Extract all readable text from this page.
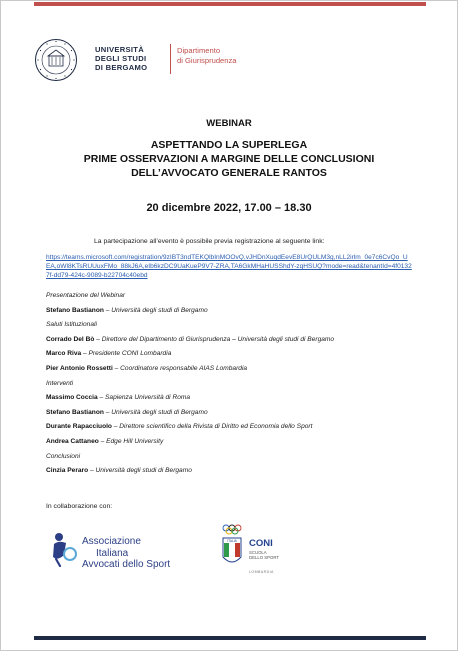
UNIVERSITÀ
DEGLI STUDI
DI BERGAMO
Dipartimento
di Giurisprudenza
WEBINAR
ASPETTANDO LA SUPERLEGA
PRIME OSSERVAZIONI A MARGINE DELLE CONCLUSIONI
DELL’AVVOCATO GENERALE RANTOS
20 dicembre 2022, 17.00 – 18.30
La partecipazione all’evento è possibile previa registrazione al seguente link:
https://teams.microsoft.com/registration/9zIBT3ndTEKQlbInMOOvQ,vJHDnXuqdEevE8UrQULM3g,nLL2irlm_0e7c6CvQo_UEA,oWl8KTsRUUuxFMo_88kJ6A,eIb6kzDC9UaKueP9V7-ZRA,TA6GkMHaHUSShdY-zqHSUQ?mode=read&tenantId=4f01327f-dd79-424c-9089-b22704c40ebd
Presentazione del Webinar
Stefano Bastianon – Università degli studi di Bergamo
Saluti Istituzionali
Corrado Del Bò – Direttore del Dipartimento di Giurisprudenza – Università degli studi di Bergamo
Marco Riva – Presidente CONI Lombardia
Pier Antonio Rossetti – Coordinatore responsabile AIAS Lombardia
Interventi
Massimo Coccia – Sapienza Università di Roma
Stefano Bastianon – Università degli studi di Bergamo
Durante Rapacciuolo – Direttore scientifico della Rivista di Diritto ed Economia dello Sport
Andrea Cattaneo – Edge Hill University
Conclusioni
Cinzia Peraro – Università degli studi di Bergamo
In collaborazione con:
Associazione
Italiana
Avvocati dello Sport
ITALIA CONI
SCUOLA
DELLO SPORT
LOMBARDIA
